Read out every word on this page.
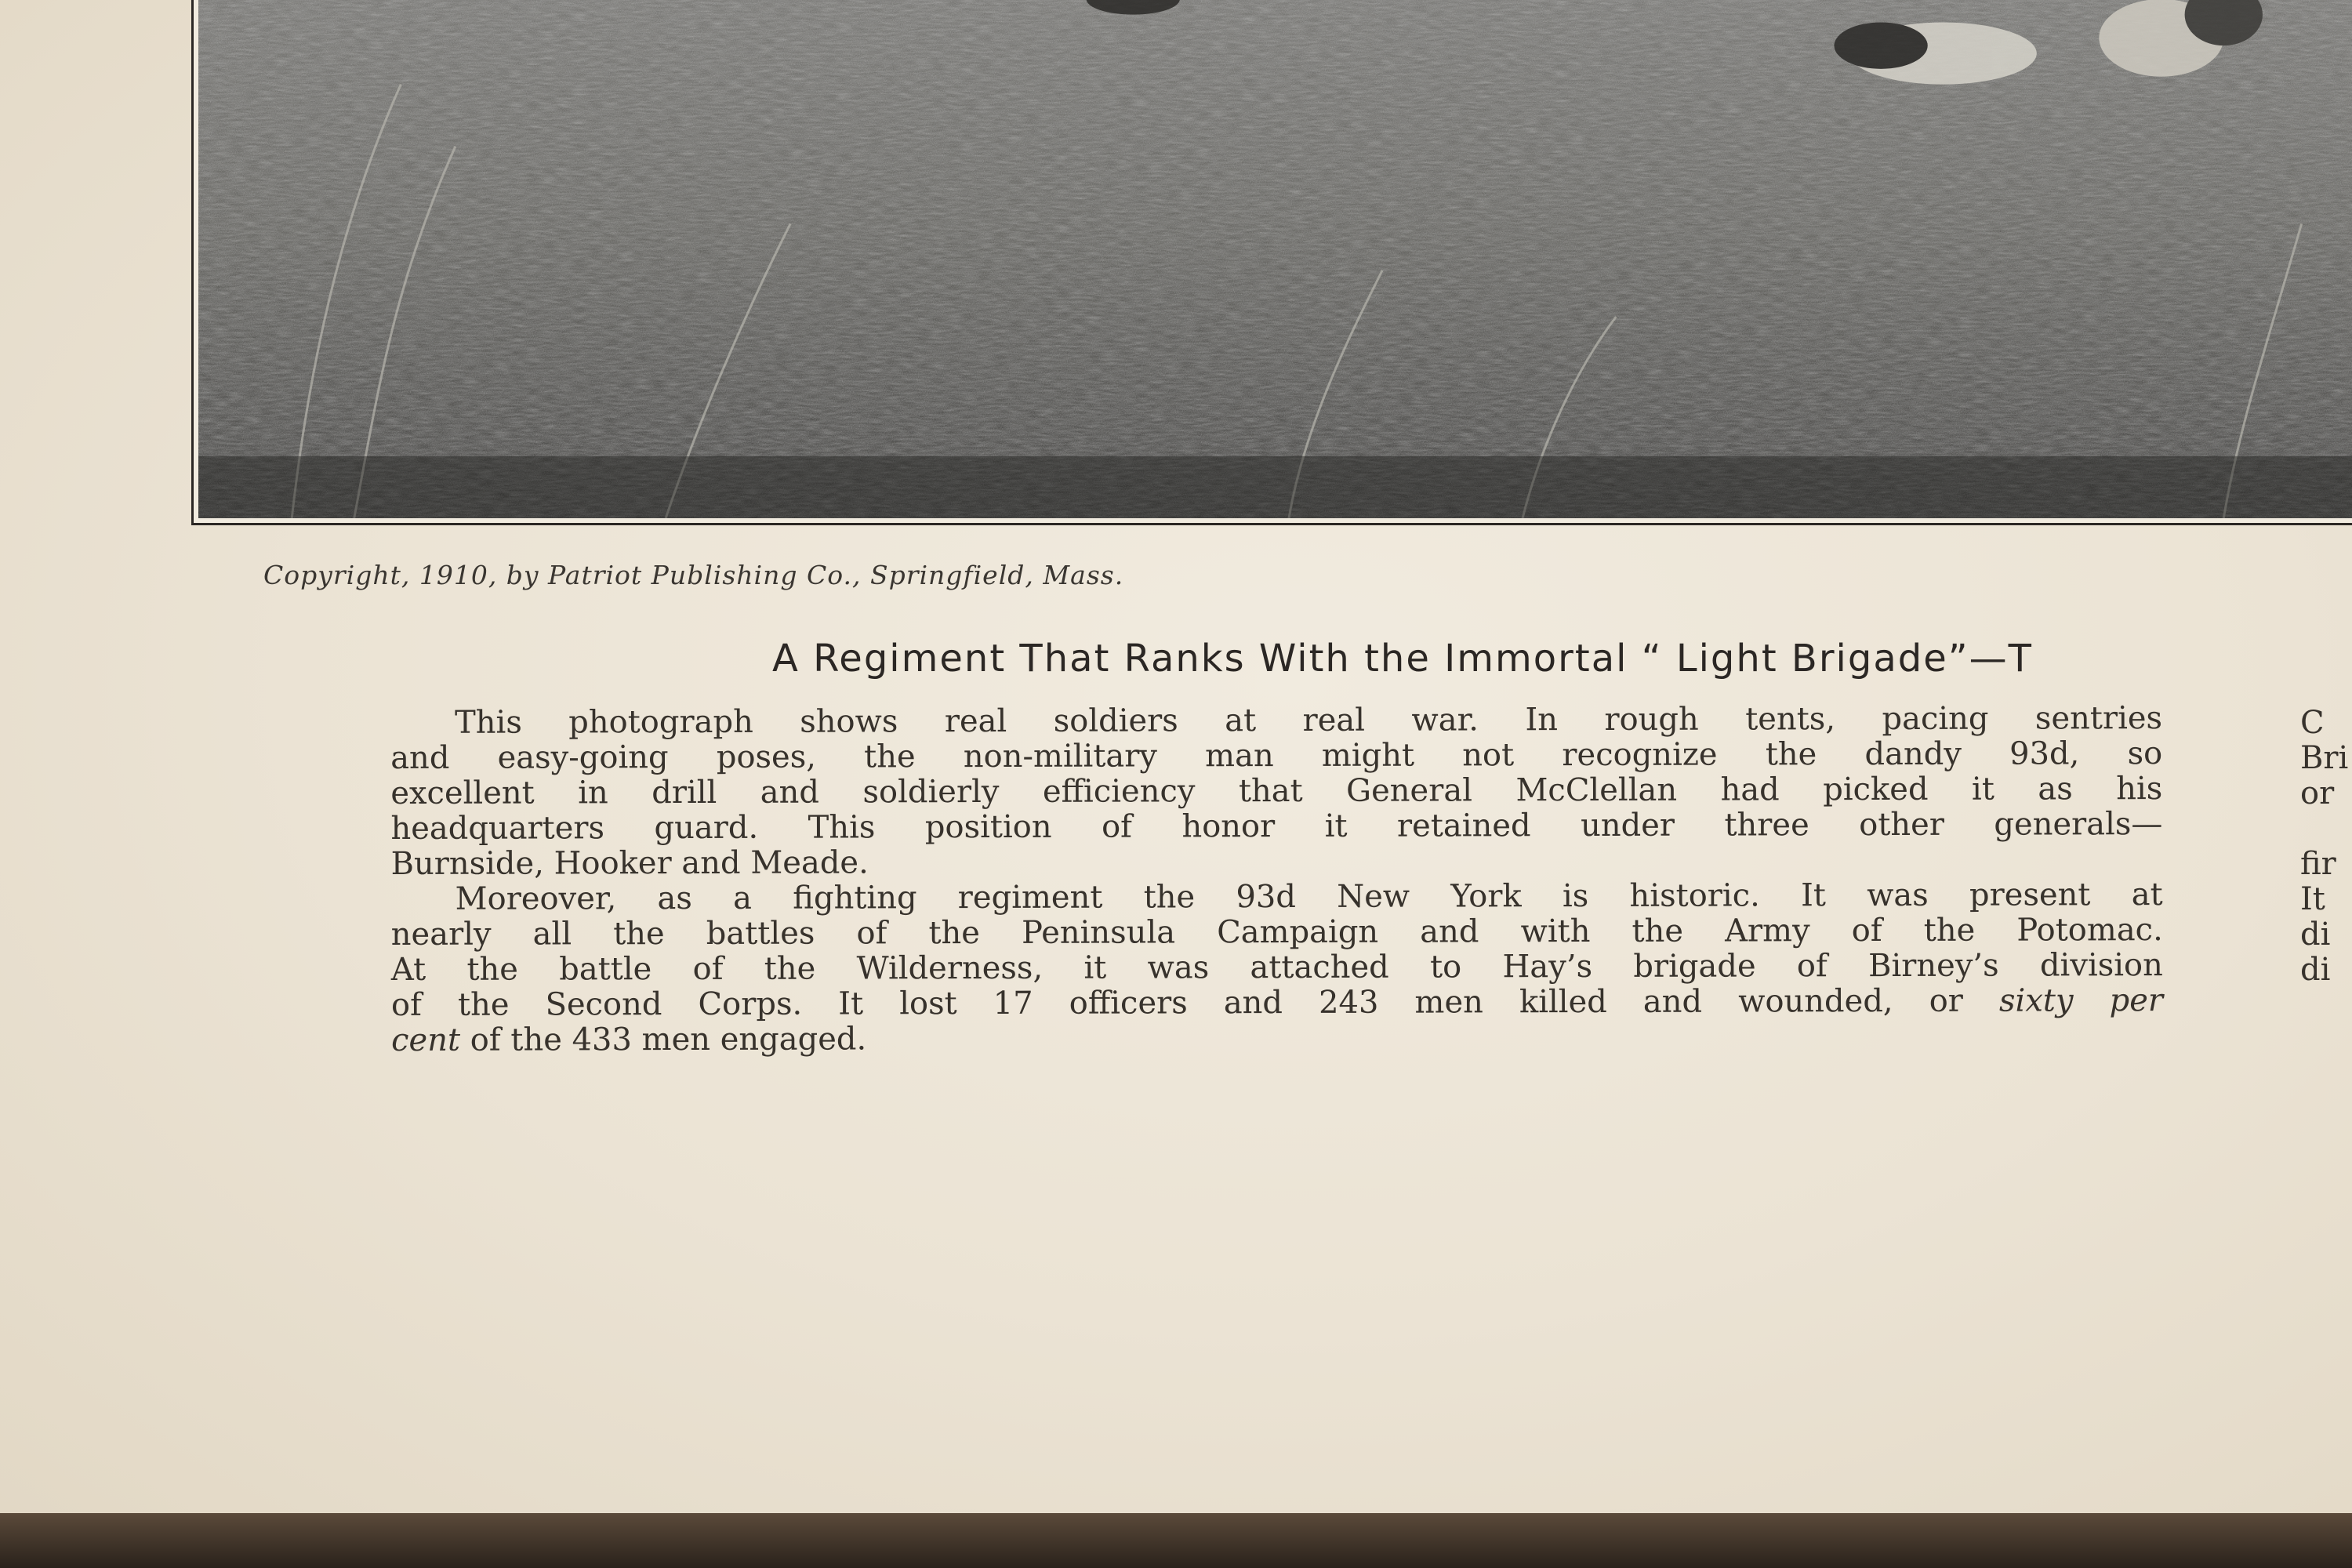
Copyright, 1910, by Patriot Publishing Co., Springfield, Mass.
A Regiment That Ranks With the Immortal “ Light Brigade”—T
This photograph shows real soldiers at real war. In rough tents, pacing sentries
and easy-going poses, the non-military man might not recognize the dandy 93d, so
excellent in drill and soldierly efficiency that General McClellan had picked it as his
headquarters guard. This position of honor it retained under three other generals—
Burnside, Hooker and Meade.
Moreover, as a fighting regiment the 93d New York is historic. It was present at
nearly all the battles of the Peninsula Campaign and with the Army of the Potomac.
At the battle of the Wilderness, it was attached to Hay’s brigade of Birney’s division
of the Second Corps. It lost 17 officers and 243 men killed and wounded, or sixty per
cent of the 433 men engaged.
C
Bri
or

fir
It
di
di
